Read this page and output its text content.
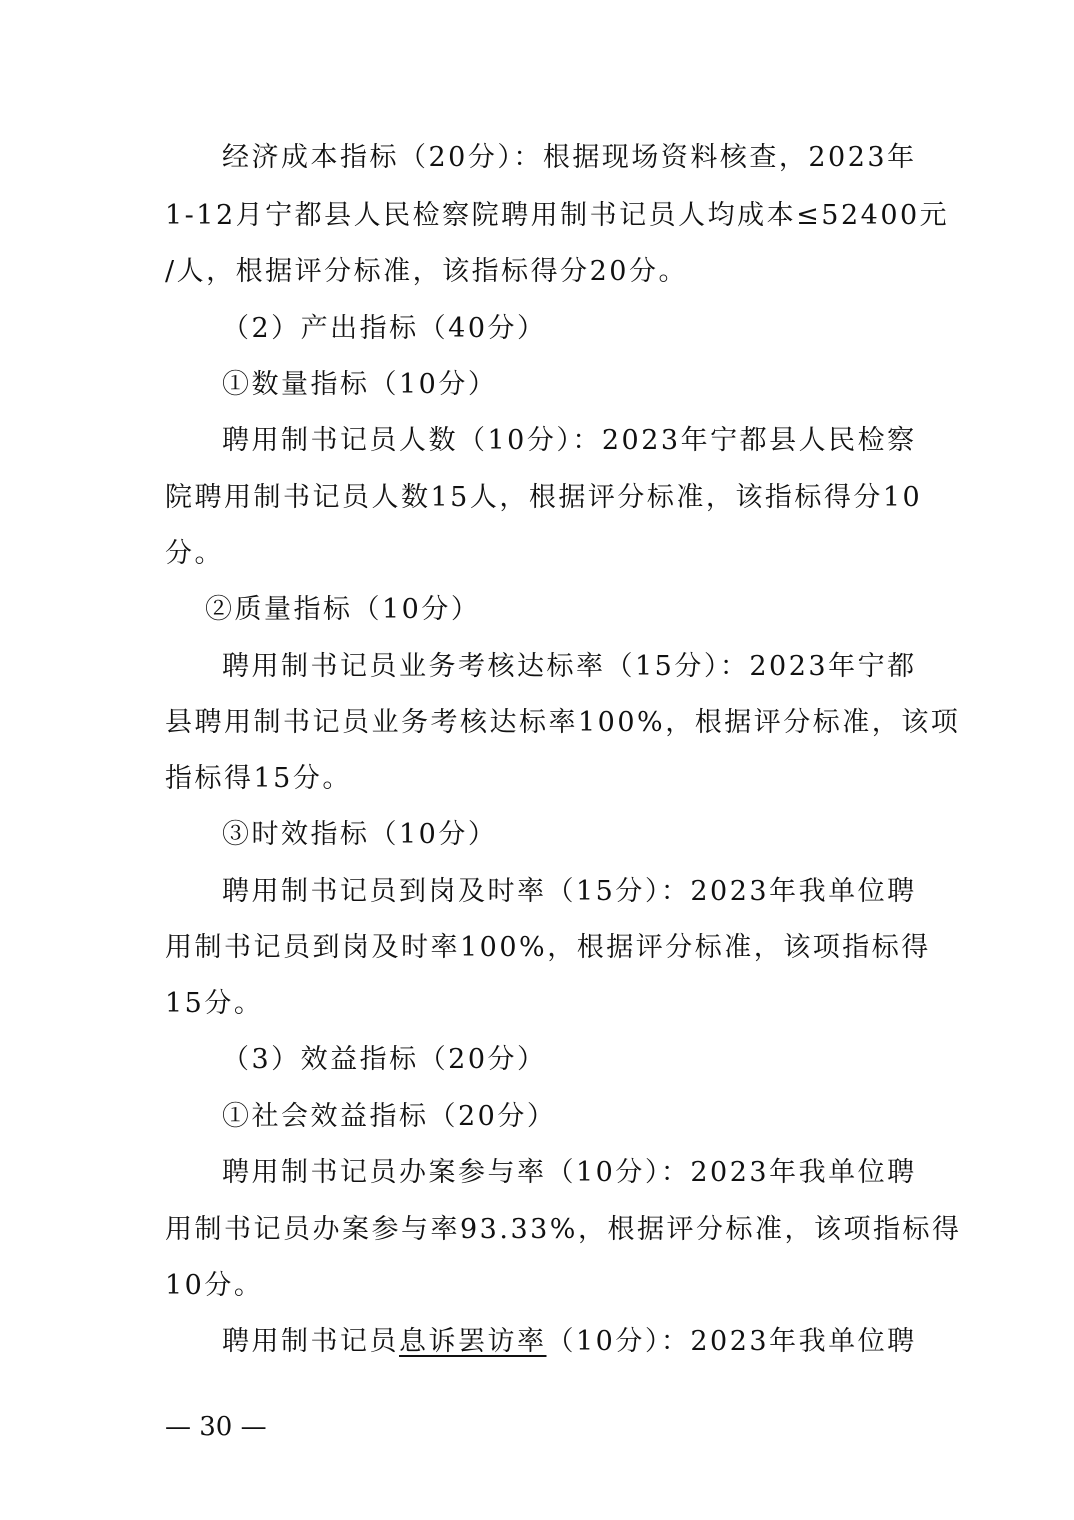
经济成本指标（20分）：根据现场资料核查，2023年
1-12月宁都县人民检察院聘用制书记员人均成本≤52400元
/人，根据评分标准，该指标得分20分。
（2）产出指标（40分）
①数量指标（10分）
聘用制书记员人数（10分）：2023年宁都县人民检察
院聘用制书记员人数15人，根据评分标准，该指标得分10
分。
②质量指标（10分）
聘用制书记员业务考核达标率（15分）：2023年宁都
县聘用制书记员业务考核达标率100%，根据评分标准，该项
指标得15分。
③时效指标（10分）
聘用制书记员到岗及时率（15分）：2023年我单位聘
用制书记员到岗及时率100%，根据评分标准，该项指标得
15分。
（3）效益指标（20分）
①社会效益指标（20分）
聘用制书记员办案参与率（10分）：2023年我单位聘
用制书记员办案参与率93.33%，根据评分标准，该项指标得
10分。
聘用制书记员息诉罢访率（10分）：2023年我单位聘
— 30 —
